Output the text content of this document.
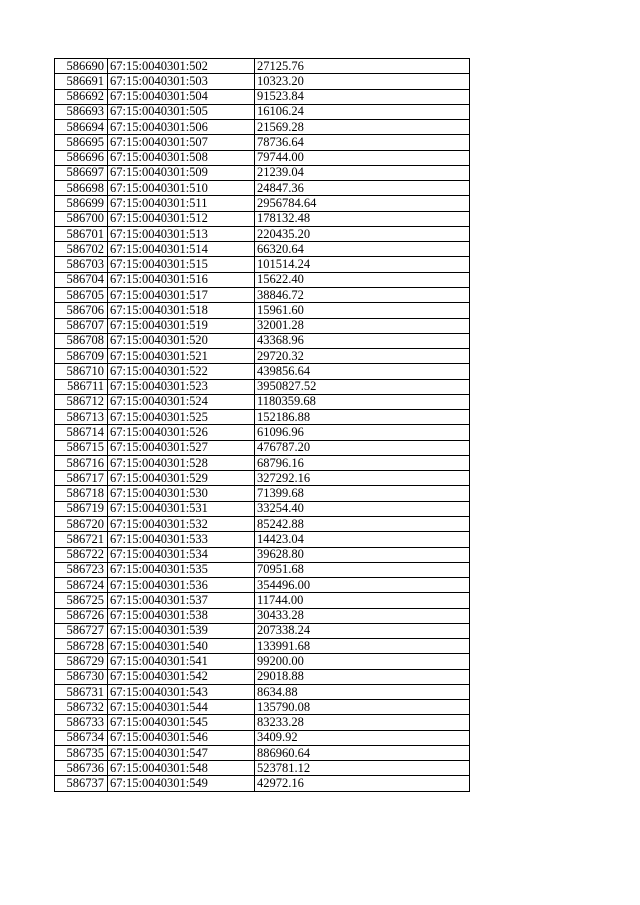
586690	67:15:0040301:502	27125.76
586691	67:15:0040301:503	10323.20
586692	67:15:0040301:504	91523.84
586693	67:15:0040301:505	16106.24
586694	67:15:0040301:506	21569.28
586695	67:15:0040301:507	78736.64
586696	67:15:0040301:508	79744.00
586697	67:15:0040301:509	21239.04
586698	67:15:0040301:510	24847.36
586699	67:15:0040301:511	2956784.64
586700	67:15:0040301:512	178132.48
586701	67:15:0040301:513	220435.20
586702	67:15:0040301:514	66320.64
586703	67:15:0040301:515	101514.24
586704	67:15:0040301:516	15622.40
586705	67:15:0040301:517	38846.72
586706	67:15:0040301:518	15961.60
586707	67:15:0040301:519	32001.28
586708	67:15:0040301:520	43368.96
586709	67:15:0040301:521	29720.32
586710	67:15:0040301:522	439856.64
586711	67:15:0040301:523	3950827.52
586712	67:15:0040301:524	1180359.68
586713	67:15:0040301:525	152186.88
586714	67:15:0040301:526	61096.96
586715	67:15:0040301:527	476787.20
586716	67:15:0040301:528	68796.16
586717	67:15:0040301:529	327292.16
586718	67:15:0040301:530	71399.68
586719	67:15:0040301:531	33254.40
586720	67:15:0040301:532	85242.88
586721	67:15:0040301:533	14423.04
586722	67:15:0040301:534	39628.80
586723	67:15:0040301:535	70951.68
586724	67:15:0040301:536	354496.00
586725	67:15:0040301:537	11744.00
586726	67:15:0040301:538	30433.28
586727	67:15:0040301:539	207338.24
586728	67:15:0040301:540	133991.68
586729	67:15:0040301:541	99200.00
586730	67:15:0040301:542	29018.88
586731	67:15:0040301:543	8634.88
586732	67:15:0040301:544	135790.08
586733	67:15:0040301:545	83233.28
586734	67:15:0040301:546	3409.92
586735	67:15:0040301:547	886960.64
586736	67:15:0040301:548	523781.12
586737	67:15:0040301:549	42972.16
